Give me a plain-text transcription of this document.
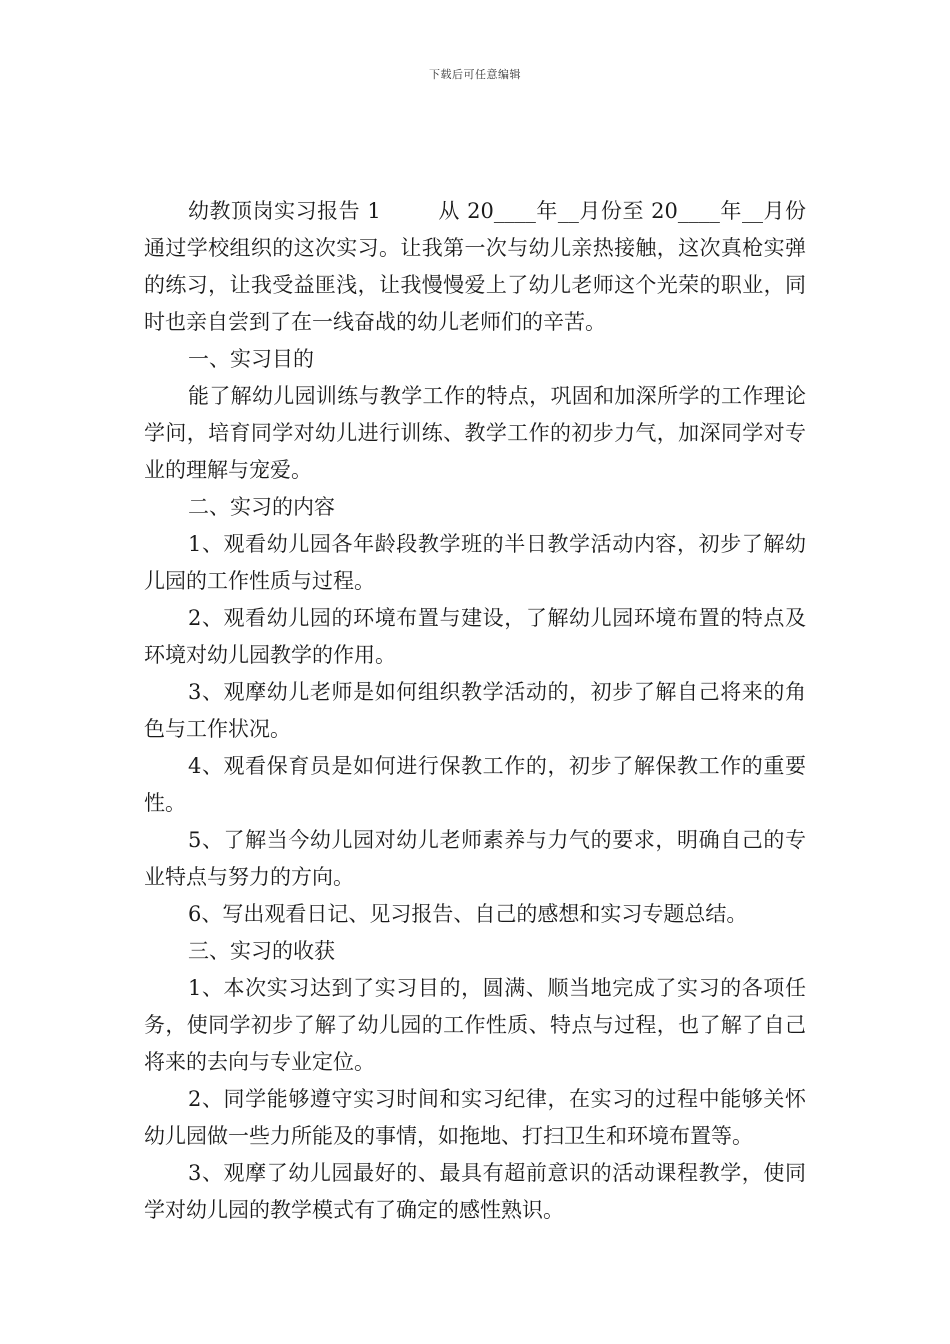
下载后可任意编辑

幼教顶岗实习报告 1        从 20____年__月份至 20____年__月份通过学校组织的这次实习。让我第一次与幼儿亲热接触，这次真枪实弹的练习，让我受益匪浅，让我慢慢爱上了幼儿老师这个光荣的职业，同时也亲自尝到了在一线奋战的幼儿老师们的辛苦。

一、实习目的

能了解幼儿园训练与教学工作的特点，巩固和加深所学的工作理论学问，培育同学对幼儿进行训练、教学工作的初步力气，加深同学对专业的理解与宠爱。

二、实习的内容

1、观看幼儿园各年龄段教学班的半日教学活动内容，初步了解幼儿园的工作性质与过程。

2、观看幼儿园的环境布置与建设，了解幼儿园环境布置的特点及环境对幼儿园教学的作用。

3、观摩幼儿老师是如何组织教学活动的，初步了解自己将来的角色与工作状况。

4、观看保育员是如何进行保教工作的，初步了解保教工作的重要性。

5、了解当今幼儿园对幼儿老师素养与力气的要求，明确自己的专业特点与努力的方向。

6、写出观看日记、见习报告、自己的感想和实习专题总结。

三、实习的收获

1、本次实习达到了实习目的，圆满、顺当地完成了实习的各项任务，使同学初步了解了幼儿园的工作性质、特点与过程，也了解了自己将来的去向与专业定位。

2、同学能够遵守实习时间和实习纪律，在实习的过程中能够关怀幼儿园做一些力所能及的事情，如拖地、打扫卫生和环境布置等。

3、观摩了幼儿园最好的、最具有超前意识的活动课程教学，使同学对幼儿园的教学模式有了确定的感性熟识。
